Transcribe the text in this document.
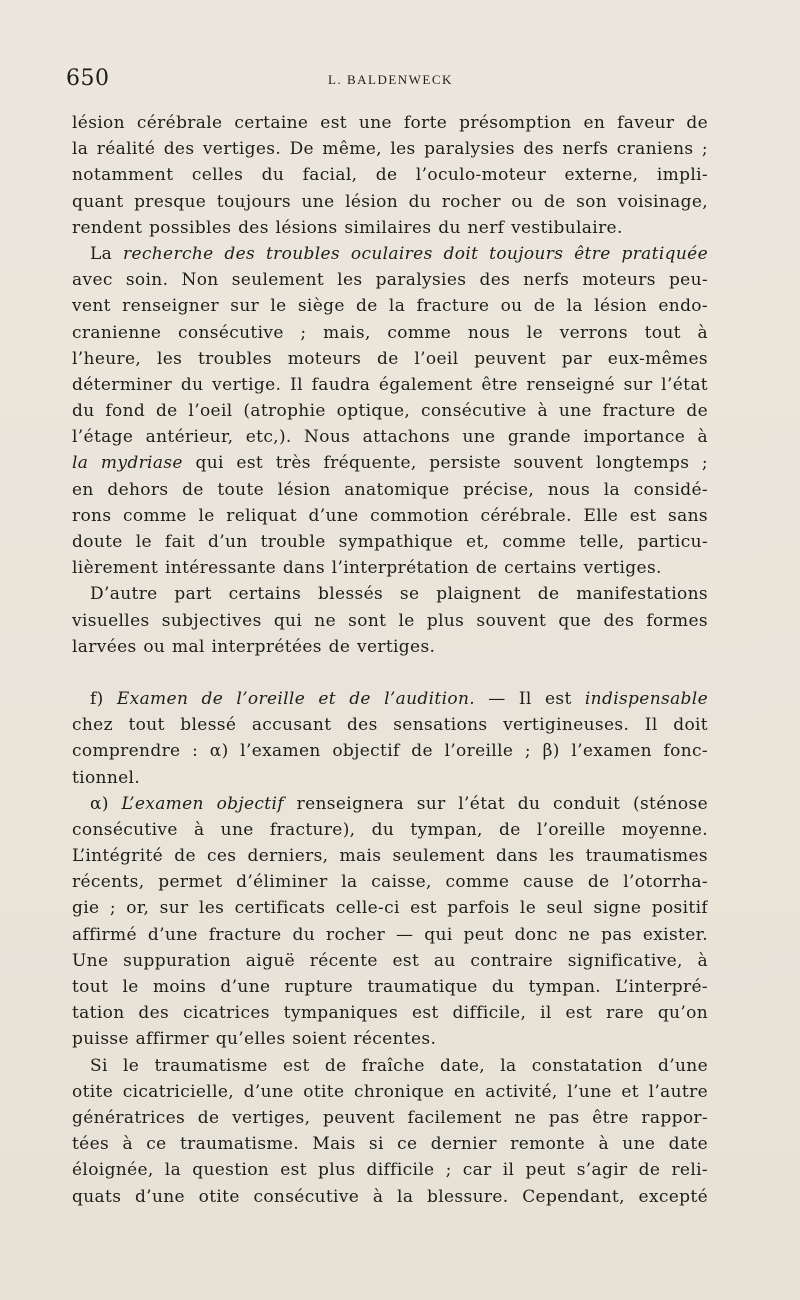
650	L. BALDENWECK
lésion cérébrale certaine est une forte présomption en faveur de
la réalité des vertiges. De même, les paralysies des nerfs craniens ;
notamment celles du facial, de l’oculo-moteur externe, impli-
quant presque toujours une lésion du rocher ou de son voisinage,
rendent possibles des lésions similaires du nerf vestibulaire.
La recherche des troubles oculaires doit toujours être pratiquée
avec soin. Non seulement les paralysies des nerfs moteurs peu-
vent renseigner sur le siège de la fracture ou de la lésion endo-
cranienne consécutive ; mais, comme nous le verrons tout à
l’heure, les troubles moteurs de l’oeil peuvent par eux-mêmes
déterminer du vertige. Il faudra également être renseigné sur l’état
du fond de l’oeil (atrophie optique, consécutive à une fracture de
l’étage antérieur, etc,). Nous attachons une grande importance à
la mydriase qui est très fréquente, persiste souvent longtemps ;
en dehors de toute lésion anatomique précise, nous la considé-
rons comme le reliquat d’une commotion cérébrale. Elle est sans
doute le fait d’un trouble sympathique et, comme telle, particu-
lièrement intéressante dans l’interprétation de certains vertiges.
D’autre part certains blessés se plaignent de manifestations
visuelles subjectives qui ne sont le plus souvent que des formes
larvées ou mal interprétées de vertiges.
f) Examen de l’oreille et de l’audition. — Il est indispensable
chez tout blessé accusant des sensations vertigineuses. Il doit
comprendre : α) l’examen objectif de l’oreille ; β) l’examen fonc-
tionnel.
α) L’examen objectif renseignera sur l’état du conduit (sténose
consécutive à une fracture), du tympan, de l’oreille moyenne.
L’intégrité de ces derniers, mais seulement dans les traumatismes
récents, permet d’éliminer la caisse, comme cause de l’otorrha-
gie ; or, sur les certificats celle-ci est parfois le seul signe positif
affirmé d’une fracture du rocher — qui peut donc ne pas exister.
Une suppuration aiguë récente est au contraire significative, à
tout le moins d’une rupture traumatique du tympan. L’interpré-
tation des cicatrices tympaniques est difficile, il est rare qu’on
puisse affirmer qu’elles soient récentes.
Si le traumatisme est de fraîche date, la constatation d’une
otite cicatricielle, d’une otite chronique en activité, l’une et l’autre
génératrices de vertiges, peuvent facilement ne pas être rappor-
tées à ce traumatisme. Mais si ce dernier remonte à une date
éloignée, la question est plus difficile ; car il peut s’agir de reli-
quats d’une otite consécutive à la blessure. Cependant, excepté
